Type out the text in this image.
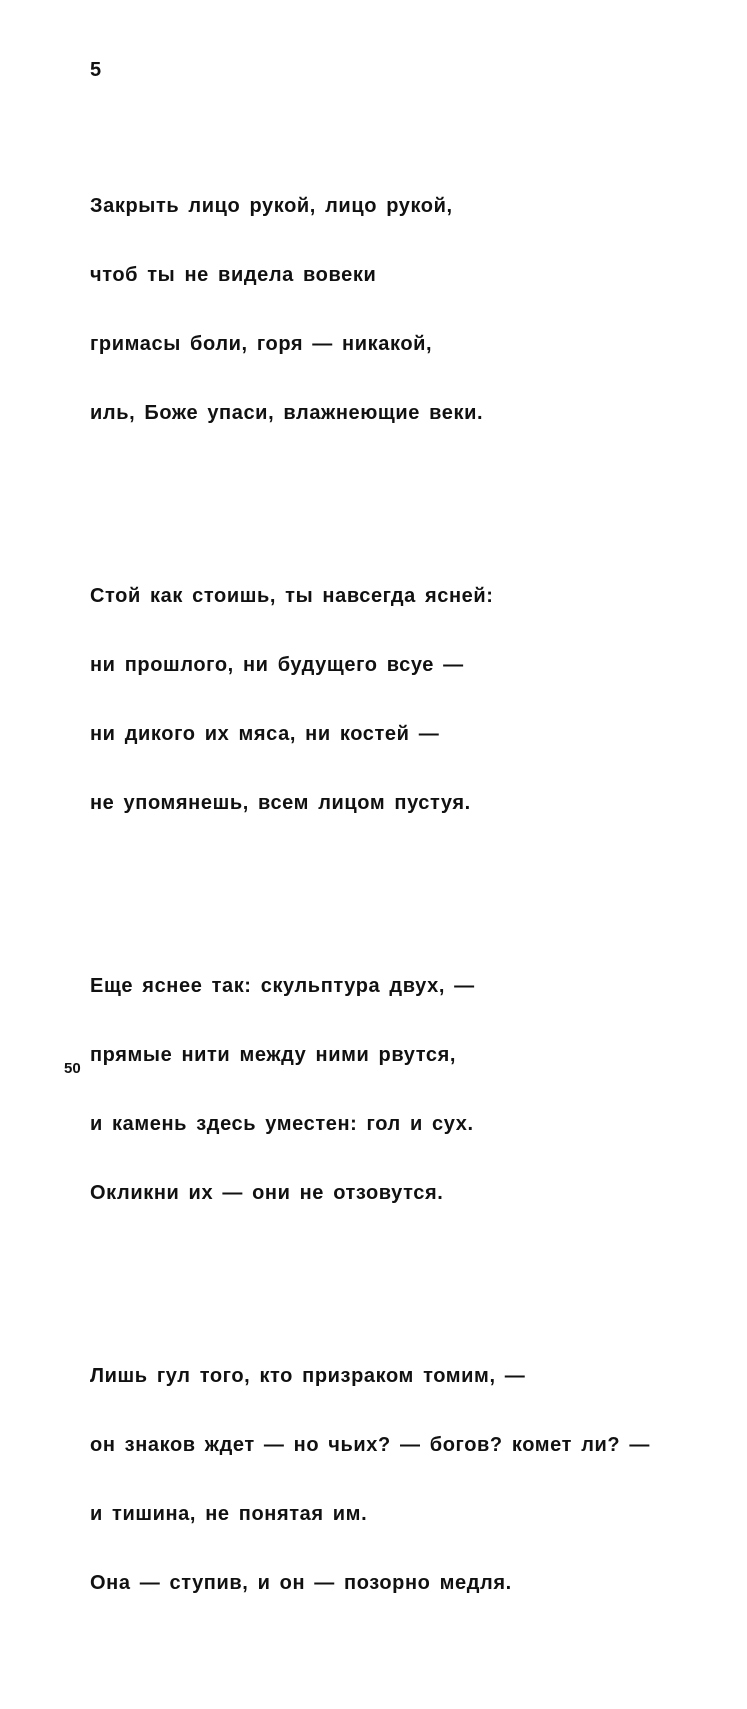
5

Закрыть лицо рукой, лицо рукой,

чтоб ты не видела вовеки

гримасы боли, горя — никакой,

иль, Боже упаси, влажнеющие веки.

Стой как стоишь, ты навсегда ясней:

ни прошлого, ни будущего всуе —

ни дикого их мяса, ни костей —

не упомянешь, всем лицом пустуя.

Еще яснее так: скульптура двух, —

прямые нити между ними рвутся,

и камень здесь уместен: гол и сух.

Окликни их — они не отзовутся.

Лишь гул того, кто призраком томим, —

он знаков ждет — но чьих? — богов? комет ли? —

и тишина, не понятая им.

Она — ступив, и он — позорно медля.

50
